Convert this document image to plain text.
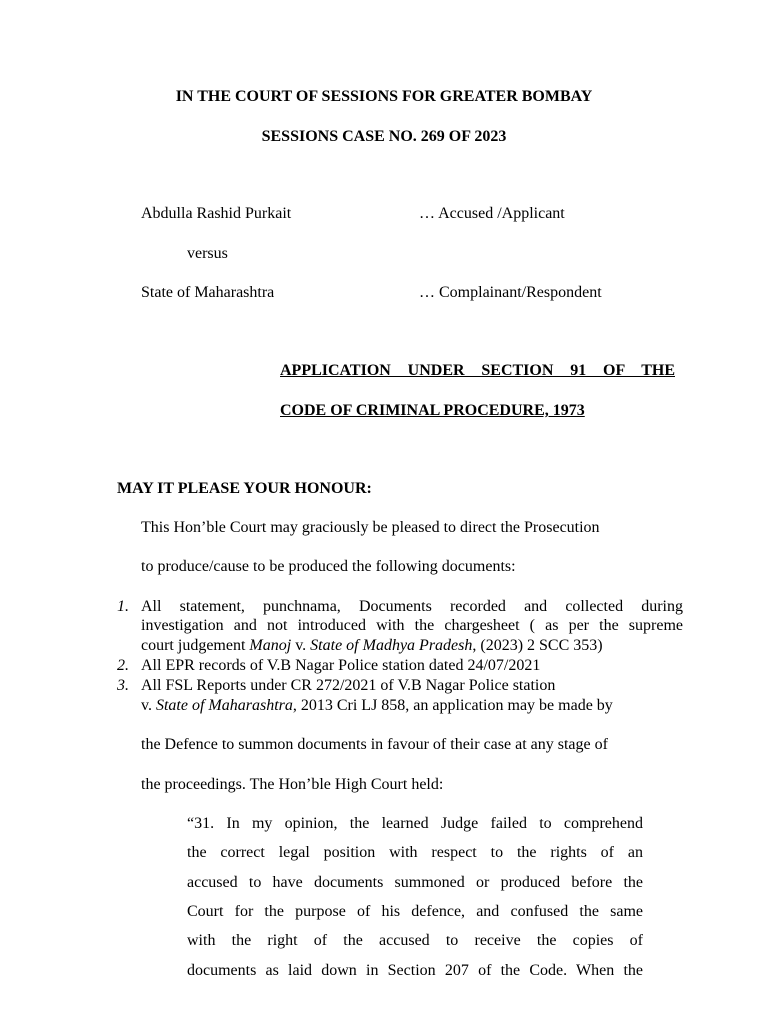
IN THE COURT OF SESSIONS FOR GREATER BOMBAY
SESSIONS CASE NO. 269 OF 2023
Abdulla Rashid Purkait	… Accused /Applicant
versus
State of Maharashtra	… Complainant/Respondent
APPLICATION UNDER SECTION 91 OF THE
CODE OF CRIMINAL PROCEDURE, 1973
MAY IT PLEASE YOUR HONOUR:
This Hon’ble Court may graciously be pleased to direct the Prosecution
to produce/cause to be produced the following documents:
1. All statement, punchnama, Documents recorded and collected during
investigation and not introduced with the chargesheet ( as per the supreme
court judgement Manoj v. State of Madhya Pradesh, (2023) 2 SCC 353)
2. All EPR records of V.B Nagar Police station dated 24/07/2021
3. All FSL Reports under CR 272/2021 of V.B Nagar Police station
v. State of Maharashtra, 2013 Cri LJ 858, an application may be made by
the Defence to summon documents in favour of their case at any stage of
the proceedings. The Hon’ble High Court held:
“31. In my opinion, the learned Judge failed to comprehend
the correct legal position with respect to the rights of an
accused to have documents summoned or produced before the
Court for the purpose of his defence, and confused the same
with the right of the accused to receive the copies of
documents as laid down in Section 207 of the Code. When the
